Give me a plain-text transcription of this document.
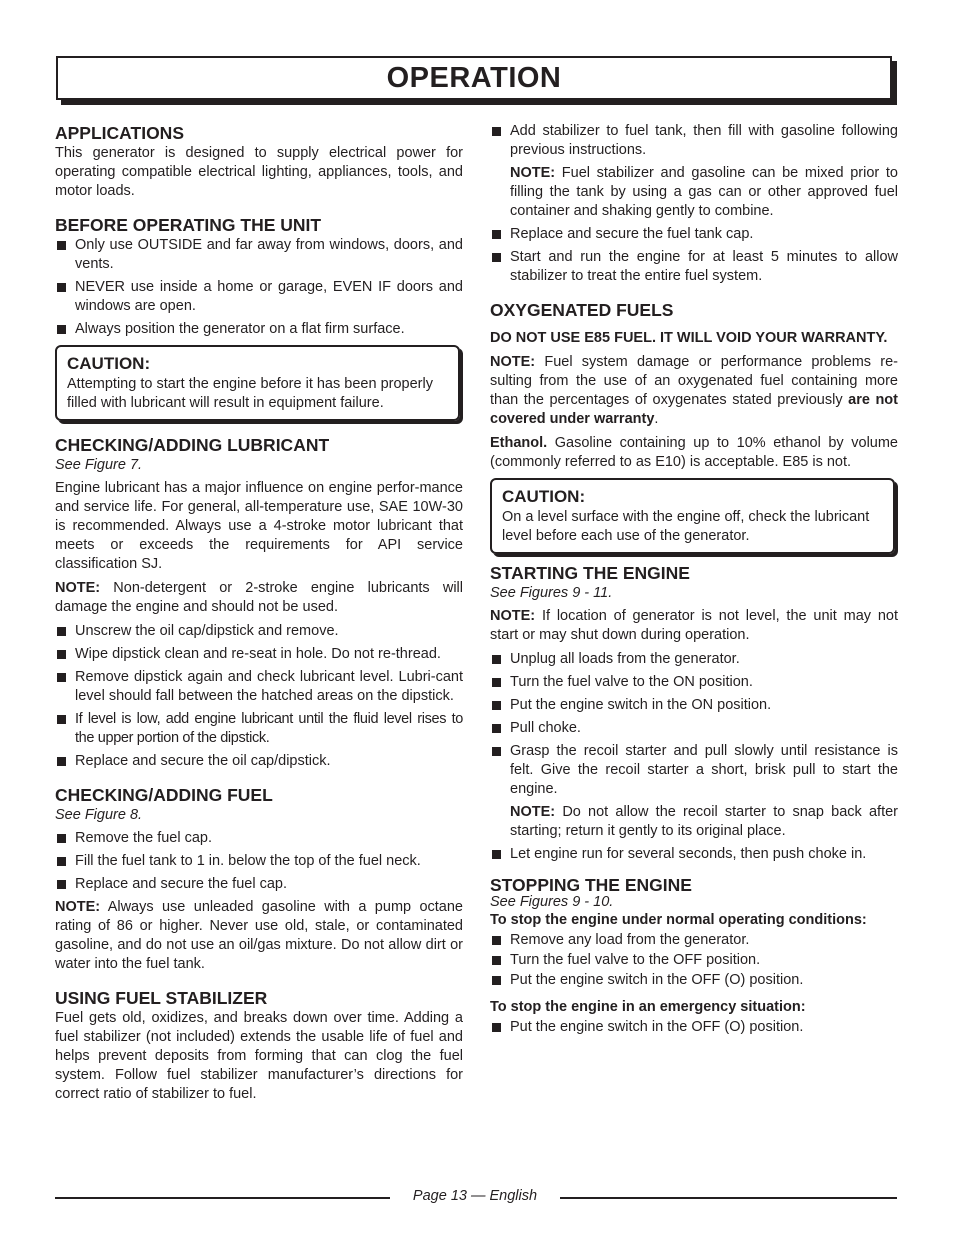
OPERATION
APPLICATIONS

This generator is designed to supply electrical power for operating compatible electrical lighting, appliances, tools, and motor loads.

BEFORE OPERATING THE UNIT
Only use OUTSIDE and far away from windows, doors, and vents.
NEVER use inside a home or garage, EVEN IF doors and windows are open.
Always position the generator on a flat firm surface.
CAUTION:
Attempting to start the engine before it has been properly filled with lubricant will result in equipment failure.
CHECKING/ADDING LUBRICANT
See Figure 7.

Engine lubricant has a major influence on engine perfor-mance and service life. For general, all-temperature use, SAE 10W-30 is recommended. Always use a 4-stroke motor lubricant that meets or exceeds the requirements for API service classification SJ.

NOTE: Non-detergent or 2-stroke engine lubricants will damage the engine and should not be used.

Unscrew the oil cap/dipstick and remove.
Wipe dipstick clean and re-seat in hole. Do not re-thread.
Remove dipstick again and check lubricant level. Lubri-cant level should fall between the hatched areas on the dipstick.
If level is low, add engine lubricant until the fluid level rises to the upper portion of the dipstick.
Replace and secure the oil cap/dipstick.
CHECKING/ADDING FUEL
See Figure 8.
Remove the fuel cap.
Fill the fuel tank to 1 in. below the top of the fuel neck.
Replace and secure the fuel cap.

NOTE: Always use unleaded gasoline with a pump octane rating of 86 or higher. Never use old, stale, or contaminated gasoline, and do not use an oil/gas mixture. Do not allow dirt or water into the fuel tank.

USING FUEL STABILIZER

Fuel gets old, oxidizes, and breaks down over time. Adding a fuel stabilizer (not included) extends the usable life of fuel and helps prevent deposits from forming that can clog the fuel system. Follow fuel stabilizer manufacturer’s directions for correct ratio of stabilizer to fuel.

Add stabilizer to fuel tank, then fill with gasoline following previous instructions.

NOTE: Fuel stabilizer and gasoline can be mixed prior to filling the tank by using a gas can or other approved fuel container and shaking gently to combine.

Replace and secure the fuel tank cap.
Start and run the engine for at least 5 minutes to allow stabilizer to treat the entire fuel system.
OXYGENATED FUELS
DO NOT USE E85 FUEL. IT WILL VOID YOUR WARRANTY.

NOTE: Fuel system damage or performance problems re-sulting from the use of an oxygenated fuel containing more than the percentages of oxygenates stated previously are not covered under warranty.

Ethanol. Gasoline containing up to 10% ethanol by volume (commonly referred to as E10) is acceptable. E85 is not.

CAUTION:
On a level surface with the engine off, check the lubricant level before each use of the generator.
STARTING THE ENGINE
See Figures 9 - 11.

NOTE: If location of generator is not level, the unit may not start or may shut down during operation.

Unplug all loads from the generator.
Turn the fuel valve to the ON position.
Put the engine switch in the ON position.
Pull choke.
Grasp the recoil starter and pull slowly until resistance is felt. Give the recoil starter a short, brisk pull to start the engine.

NOTE: Do not allow the recoil starter to snap back after starting; return it gently to its original place.

Let engine run for several seconds, then push choke in.
STOPPING THE ENGINE
See Figures 9 - 10.
To stop the engine under normal operating conditions:
Remove any load from the generator.
Turn the fuel valve to the OFF position.
Put the engine switch in the OFF (O) position.
To stop the engine in an emergency situation:
Put the engine switch in the OFF (O) position.
Page 13 — English
